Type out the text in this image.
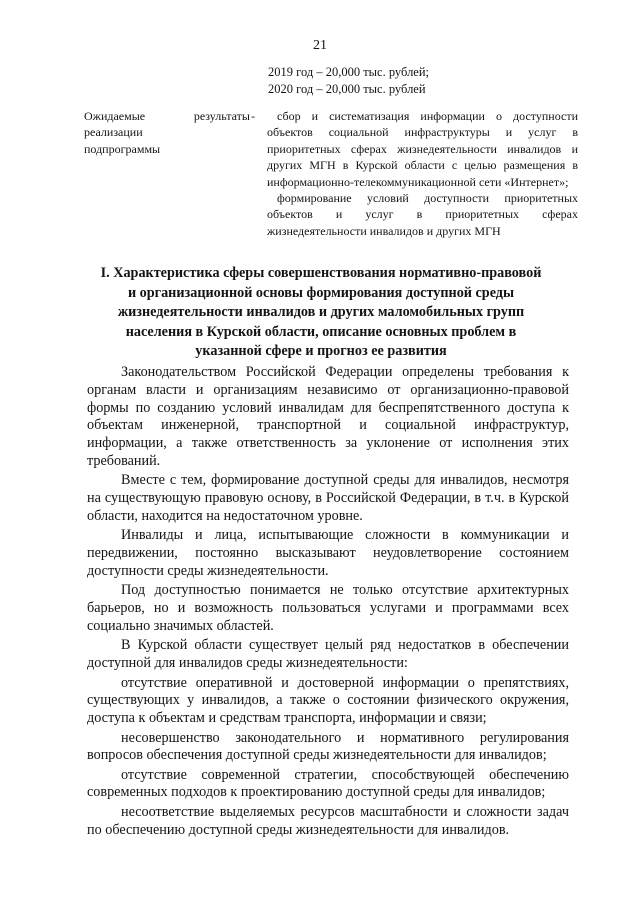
21
2019 год – 20,000 тыс. рублей;
2020 год – 20,000 тыс. рублей
Ожидаемые результаты
реализации
подпрограммы
-	сбор и систематизация информации о доступности объектов социальной инфраструктуры и услуг в приоритетных сферах жизнедеятельности инвалидов и других МГН в Курской области с целью размещения в информационно-телекоммуникационной сети «Интернет»;

формирование условий доступности приоритетных объектов и услуг в приоритетных сферах жизнедеятельности инвалидов и других МГН

I. Характеристика сферы совершенствования нормативно-правовой и организационной основы формирования доступной среды жизнедеятельности инвалидов и других маломобильных групп населения в Курской области, описание основных проблем в указанной сфере и прогноз ее развития

Законодательством Российской Федерации определены требования к органам власти и организациям независимо от организационно-правовой формы по созданию условий инвалидам для беспрепятственного доступа к объектам инженерной, транспортной и социальной инфраструктур, информации, а также ответственность за уклонение от исполнения этих требований.

Вместе с тем, формирование доступной среды для инвалидов, несмотря на существующую правовую основу, в Российской Федерации, в т.ч. в Курской области, находится на недостаточном уровне.

Инвалиды и лица, испытывающие сложности в коммуникации и передвижении, постоянно высказывают неудовлетворение состоянием доступности среды жизнедеятельности.

Под доступностью понимается не только отсутствие архитектурных барьеров, но и возможность пользоваться услугами и программами всех социально значимых областей.

В Курской области существует целый ряд недостатков в обеспечении доступной для инвалидов среды жизнедеятельности:

отсутствие оперативной и достоверной информации о препятствиях, существующих у инвалидов, а также о состоянии физического окружения, доступа к объектам и средствам транспорта, информации и связи;

несовершенство законодательного и нормативного регулирования вопросов обеспечения доступной среды жизнедеятельности для инвалидов;

отсутствие современной стратегии, способствующей обеспечению современных подходов к проектированию доступной среды для инвалидов;

несоответствие выделяемых ресурсов масштабности и сложности задач по обеспечению доступной среды жизнедеятельности для инвалидов.
